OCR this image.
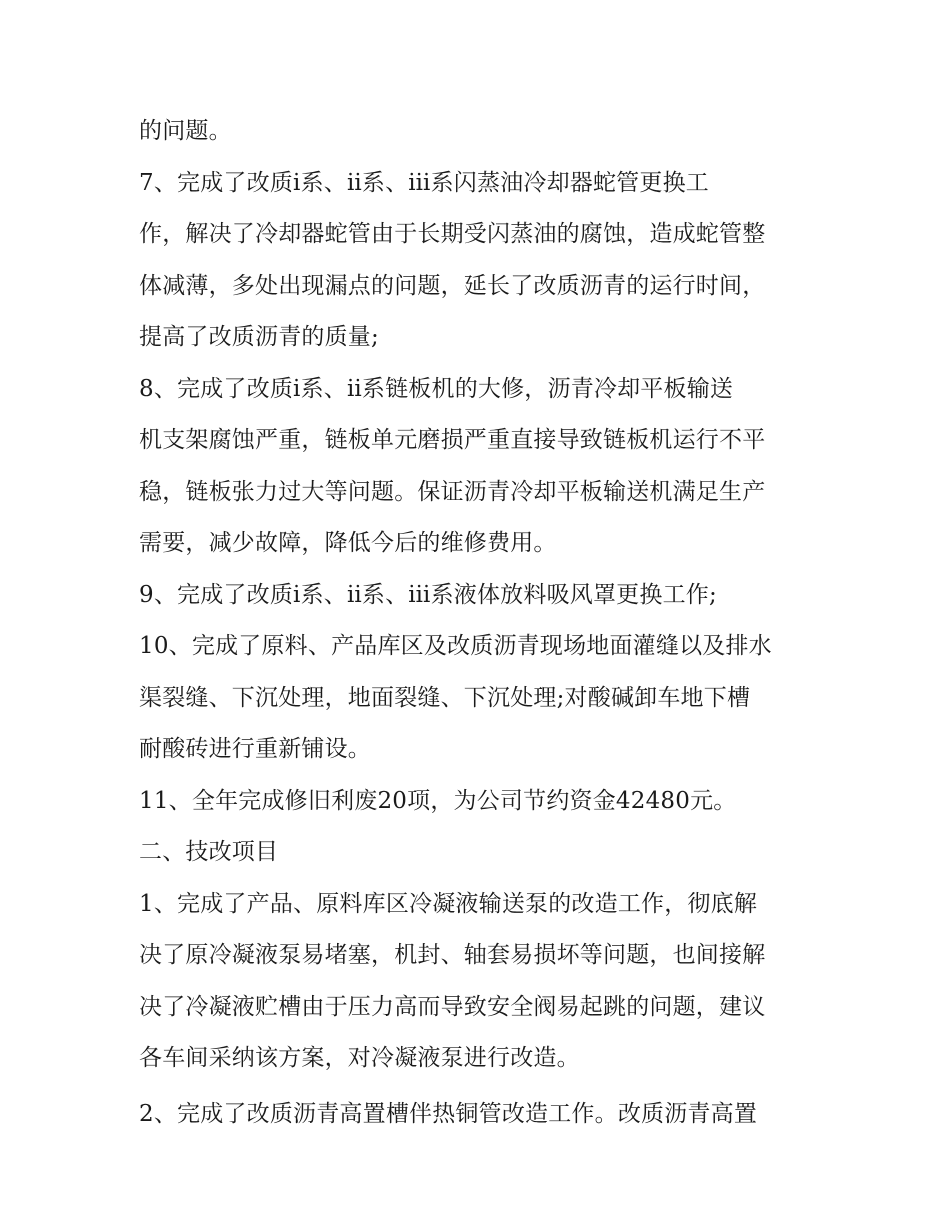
的问题。
7、完成了改质ⅰ系、ⅱ系、ⅲ系闪蒸油冷却器蛇管更换工
作，解决了冷却器蛇管由于长期受闪蒸油的腐蚀，造成蛇管整
体减薄，多处出现漏点的问题，延长了改质沥青的运行时间，
提高了改质沥青的质量;
8、完成了改质ⅰ系、ⅱ系链板机的大修，沥青冷却平板输送
机支架腐蚀严重，链板单元磨损严重直接导致链板机运行不平
稳，链板张力过大等问题。保证沥青冷却平板输送机满足生产
需要，减少故障，降低今后的维修费用。
9、完成了改质ⅰ系、ⅱ系、ⅲ系液体放料吸风罩更换工作;
10、完成了原料、产品库区及改质沥青现场地面灌缝以及排水
渠裂缝、下沉处理，地面裂缝、下沉处理;对酸碱卸车地下槽
耐酸砖进行重新铺设。
11、全年完成修旧利废20项，为公司节约资金42480元。
二、技改项目
1、完成了产品、原料库区冷凝液输送泵的改造工作，彻底解
决了原冷凝液泵易堵塞，机封、轴套易损坏等问题，也间接解
决了冷凝液贮槽由于压力高而导致安全阀易起跳的问题，建议
各车间采纳该方案，对冷凝液泵进行改造。
2、完成了改质沥青高置槽伴热铜管改造工作。改质沥青高置
